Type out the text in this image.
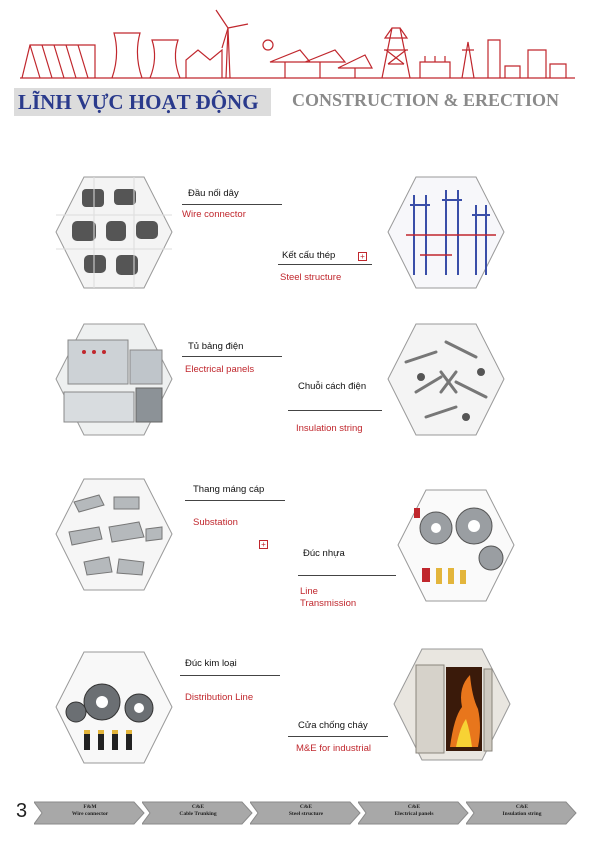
LĨNH VỰC HOẠT ĐỘNG	CONSTRUCTION & ERECTION
Đầu nối dây
Wire connector
Kết cấu thép	+
Steel structure
Tủ bảng điện
Electrical panels
Chuỗi cách điện
Insulation string
Thang máng cáp
Substation
+
Đúc nhựa
Line
Transmission
Đúc kim loại
Distribution Line
Cửa chống cháy
M&E for industrial
3	F&M
Wire connector
C&E
Cable Trunking
C&E
Steel structure
C&E
Electrical panels
C&E
Insulation string
